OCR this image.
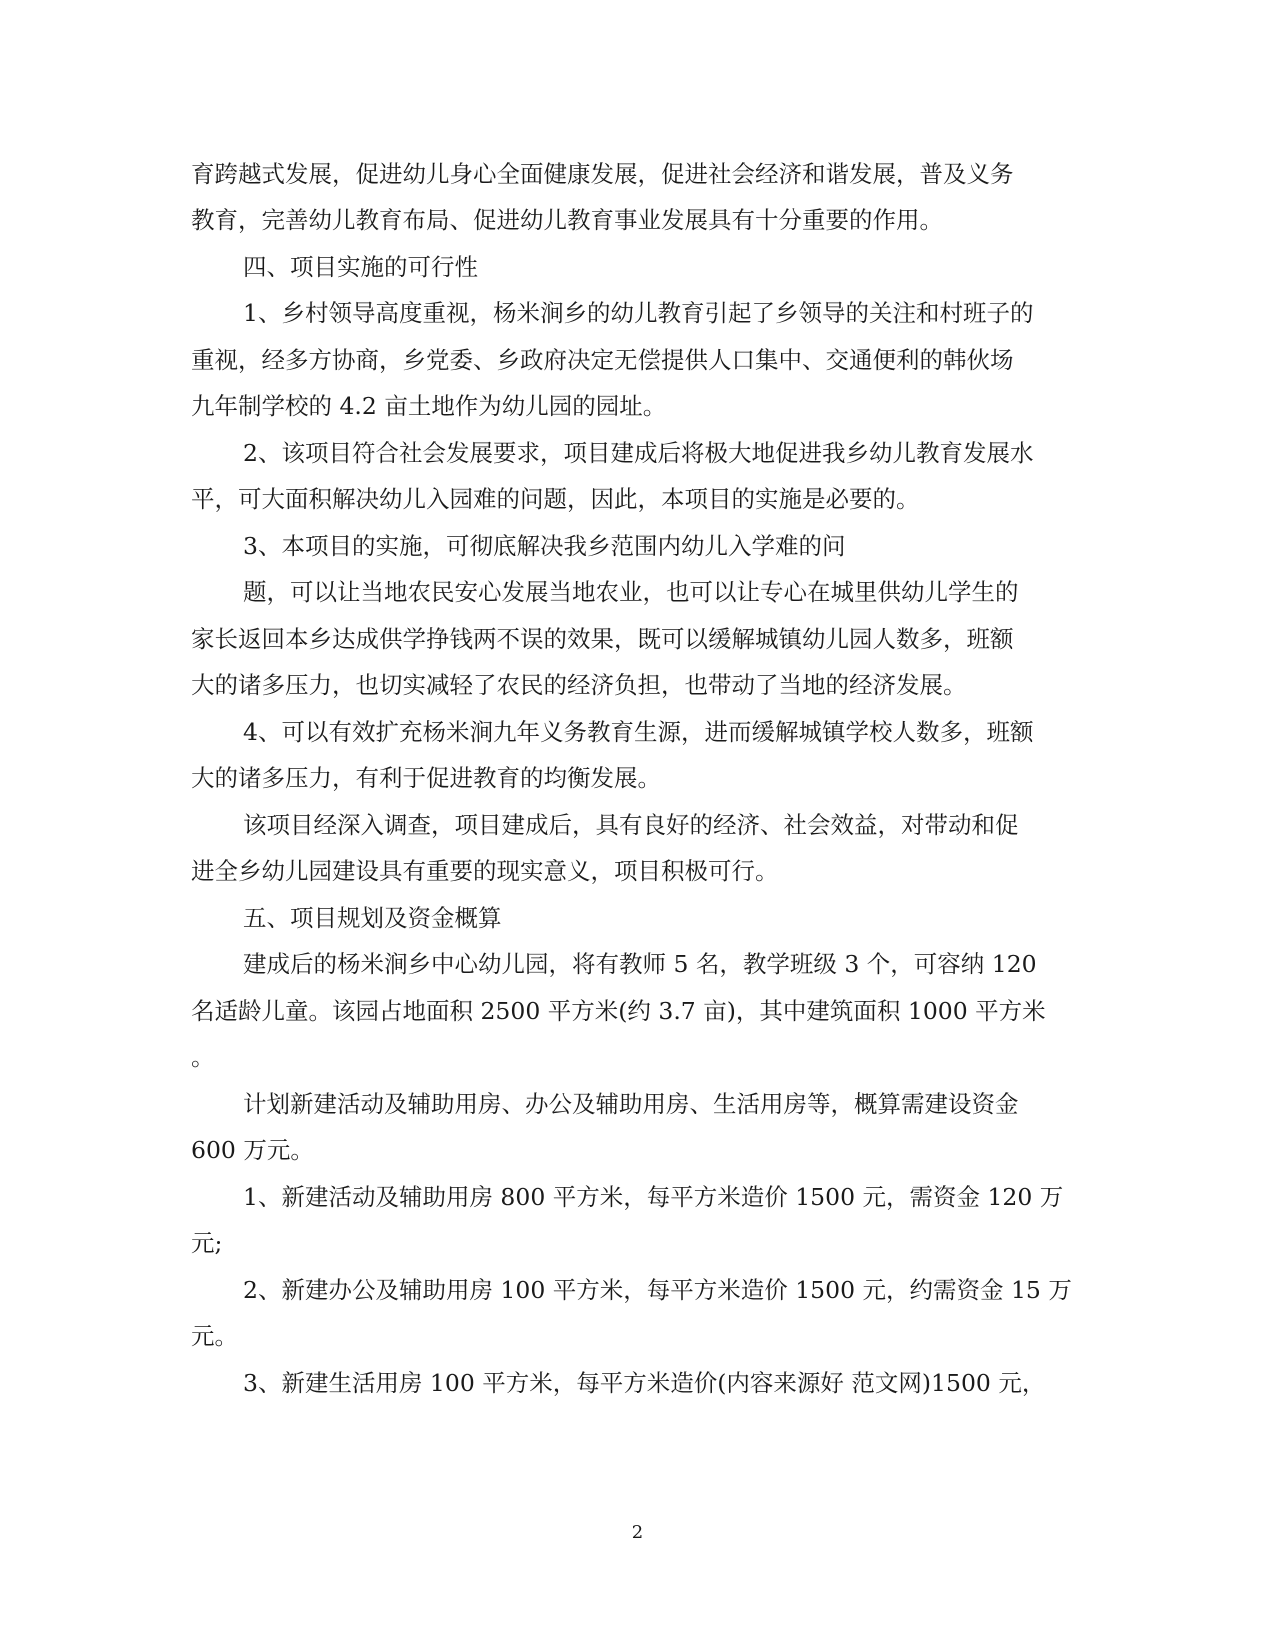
育跨越式发展，促进幼儿身心全面健康发展，促进社会经济和谐发展，普及义务
教育，完善幼儿教育布局、促进幼儿教育事业发展具有十分重要的作用。
四、项目实施的可行性
1、乡村领导高度重视，杨米涧乡的幼儿教育引起了乡领导的关注和村班子的
重视，经多方协商，乡党委、乡政府决定无偿提供人口集中、交通便利的韩伙场
九年制学校的 4.2 亩土地作为幼儿园的园址。
2、该项目符合社会发展要求，项目建成后将极大地促进我乡幼儿教育发展水
平，可大面积解决幼儿入园难的问题，因此，本项目的实施是必要的。
3、本项目的实施，可彻底解决我乡范围内幼儿入学难的问
题，可以让当地农民安心发展当地农业，也可以让专心在城里供幼儿学生的
家长返回本乡达成供学挣钱两不误的效果，既可以缓解城镇幼儿园人数多，班额
大的诸多压力，也切实减轻了农民的经济负担，也带动了当地的经济发展。
4、可以有效扩充杨米涧九年义务教育生源，进而缓解城镇学校人数多，班额
大的诸多压力，有利于促进教育的均衡发展。
该项目经深入调查，项目建成后，具有良好的经济、社会效益，对带动和促
进全乡幼儿园建设具有重要的现实意义，项目积极可行。
五、项目规划及资金概算
建成后的杨米涧乡中心幼儿园，将有教师 5 名，教学班级 3 个，可容纳 120
名适龄儿童。该园占地面积 2500 平方米(约 3.7 亩)，其中建筑面积 1000 平方米
。
计划新建活动及辅助用房、办公及辅助用房、生活用房等，概算需建设资金
600 万元。
1、新建活动及辅助用房 800 平方米，每平方米造价 1500 元，需资金 120 万
元;
2、新建办公及辅助用房 100 平方米，每平方米造价 1500 元，约需资金 15 万
元。
3、新建生活用房 100 平方米，每平方米造价(内容来源好 范文网)1500 元，
2
